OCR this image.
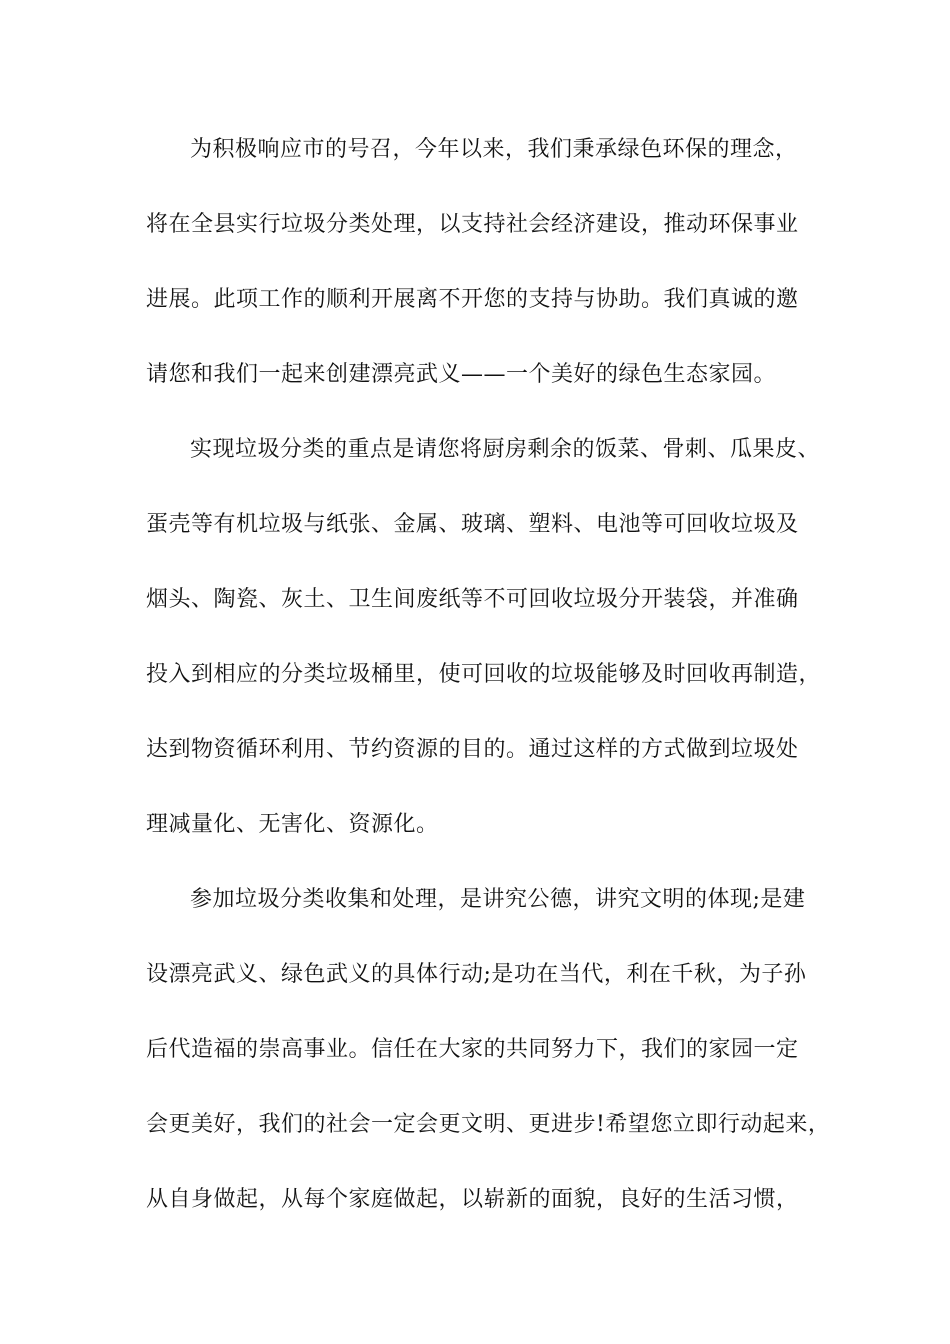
为积极响应市的号召，今年以来，我们秉承绿色环保的理念，
将在全县实行垃圾分类处理，以支持社会经济建设，推动环保事业
进展。此项工作的顺利开展离不开您的支持与协助。我们真诚的邀
请您和我们一起来创建漂亮武义——一个美好的绿色生态家园。
实现垃圾分类的重点是请您将厨房剩余的饭菜、骨刺、瓜果皮、
蛋壳等有机垃圾与纸张、金属、玻璃、塑料、电池等可回收垃圾及
烟头、陶瓷、灰土、卫生间废纸等不可回收垃圾分开装袋，并准确
投入到相应的分类垃圾桶里，使可回收的垃圾能够及时回收再制造，
达到物资循环利用、节约资源的目的。通过这样的方式做到垃圾处
理减量化、无害化、资源化。
参加垃圾分类收集和处理，是讲究公德，讲究文明的体现;是建
设漂亮武义、绿色武义的具体行动;是功在当代，利在千秋，为子孙
后代造福的崇高事业。信任在大家的共同努力下，我们的家园一定
会更美好，我们的社会一定会更文明、更进步!希望您立即行动起来，
从自身做起，从每个家庭做起，以崭新的面貌，良好的生活习惯，
